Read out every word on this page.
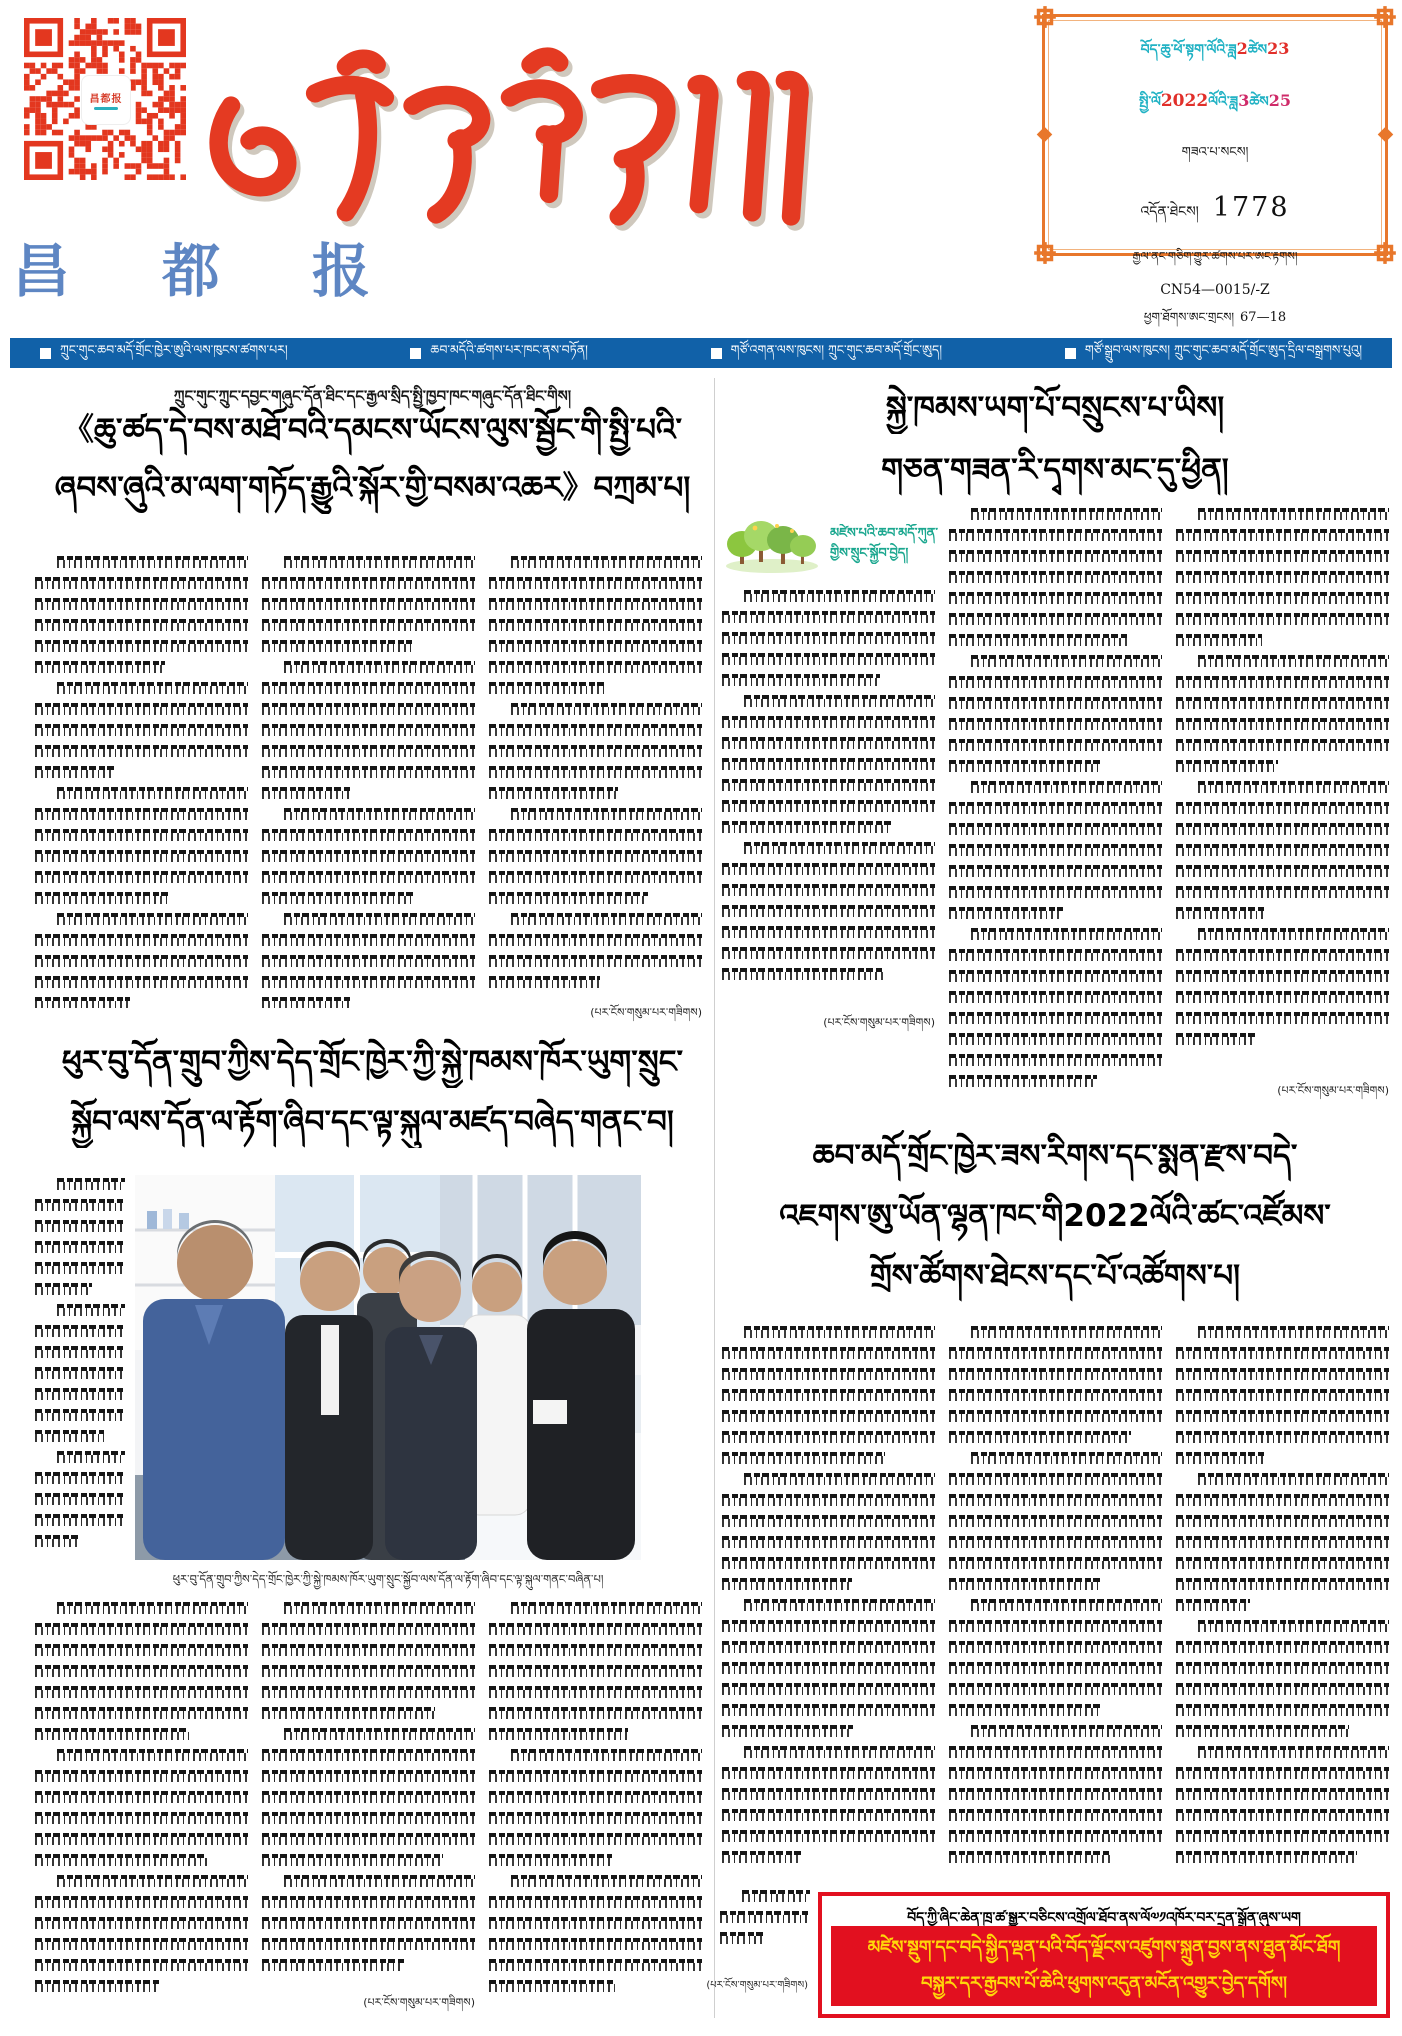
昌都报
昌都报
བོད་ཆུ་ཕོ་སྟག་ལོའི་ཟླ2ཚེས23
སྤྱི་ལོ2022ལོའི་ཟླ3ཚེས25
གཟའ་པ་སངས།
འདོན་ཐེངས། 1778
རྒྱལ་ནང་གཅིག་གྱུར་ཚགས་པར་ཨང་རྟགས།
CN54—0015/-Z
ཕྱག་ཐོགས་ཨང་གྲངས། 67—18
ཀྲུང་གུང་ཆབ་མདོ་གྲོང་ཁྱེར་ཨུའི་ལས་ཁུངས་ཚགས་པར།	ཆབ་མདོའི་ཚགས་པར་ཁང་ནས་བཏོན།	གཙོ་འགན་ལས་ཁུངས། ཀྲུང་གུང་ཆབ་མདོ་གྲོང་ཨུད།	གཙོ་སྒྲུབ་ལས་ཁུངས། ཀྲུང་གུང་ཆབ་མདོ་གྲོང་ཨུད་དྲིལ་བསྒྲགས་པུའུ།
ཀྲུང་གུང་ཀྲུང་དབྱང་གཞུང་དོན་ཐིང་དང་རྒྱལ་སྲིད་སྤྱི་ཁྱབ་ཁང་གཞུང་དོན་ཐིང་གིས།
《ཆུ་ཚད་དེ་བས་མཐོ་བའི་དམངས་ཡོངས་ལུས་སྦྱོང་གི་སྤྱི་པའི་
ཞབས་ཞུའི་མ་ལག་གཏོད་རྒྱུའི་སྐོར་གྱི་བསམ་འཆར》བཀྲམ་པ།
(པར་ངོས་གསུམ་པར་གཟིགས)
ཕུར་བུ་དོན་གྲུབ་ཀྱིས་དེད་གྲོང་ཁྱེར་ཀྱི་སྐྱེ་ཁམས་ཁོར་ཡུག་སྲུང་
སྐྱོབ་ལས་དོན་ལ་རྟོག་ཞིབ་དང་ལྟ་སྐུལ་མཛད་བཞེད་གནང་བ།
ཕུར་བུ་དོན་གྲུབ་ཀྱིས་དེད་གྲོང་ཁྱེར་ཀྱི་སྐྱེ་ཁམས་ཁོར་ཡུག་སྲུང་སྐྱོབ་ལས་དོན་ལ་རྟོག་ཞིབ་དང་ལྟ་སྐུལ་གནང་བཞིན་པ།
(པར་ངོས་གསུམ་པར་གཟིགས)
སྐྱེ་ཁམས་ཡག་པོ་བསྲུངས་པ་ཡིས།
གཅན་གཟན་རི་དྭགས་མང་དུ་ཕྱིན།
མཛེས་པའི་ཆབ་མདོ་ཀུན་
གྱིས་སྲུང་སྐྱོབ་བྱེད།
(པར་ངོས་གསུམ་པར་གཟིགས)
(པར་ངོས་གསུམ་པར་གཟིགས)
ཆབ་མདོ་གྲོང་ཁྱེར་ཟས་རིགས་དང་སྨན་རྫས་བདེ་
འཇགས་ཨུ་ཡོན་ལྷན་ཁང་གི2022ལོའི་ཚང་འཛོམས་
གྲོས་ཚོགས་ཐེངས་དང་པོ་འཚོགས་པ།
(པར་ངོས་གསུམ་པར་གཟིགས)
བོད་ཀྱི་ཞིང་ཆེན་ཁྲ་ཚ་སྒྱུར་བཅིངས་འགྲོལ་ཐོབ་ནས་ལོ༧༡འཁོར་བར་དྲན་སྒྲོན་ཞུས་ཡག
མཛེས་སྡུག་དང་བདེ་སྐྱིད་ལྡན་པའི་བོད་ལྗོངས་འཛུགས་སྐྲུན་བྱས་ནས་ཐུན་མོང་ཐོག
བསྐྱར་དར་རྒྱབས་པོ་ཆེའི་ཕུགས་འདུན་མངོན་འགྱུར་བྱེད་དགོས།
